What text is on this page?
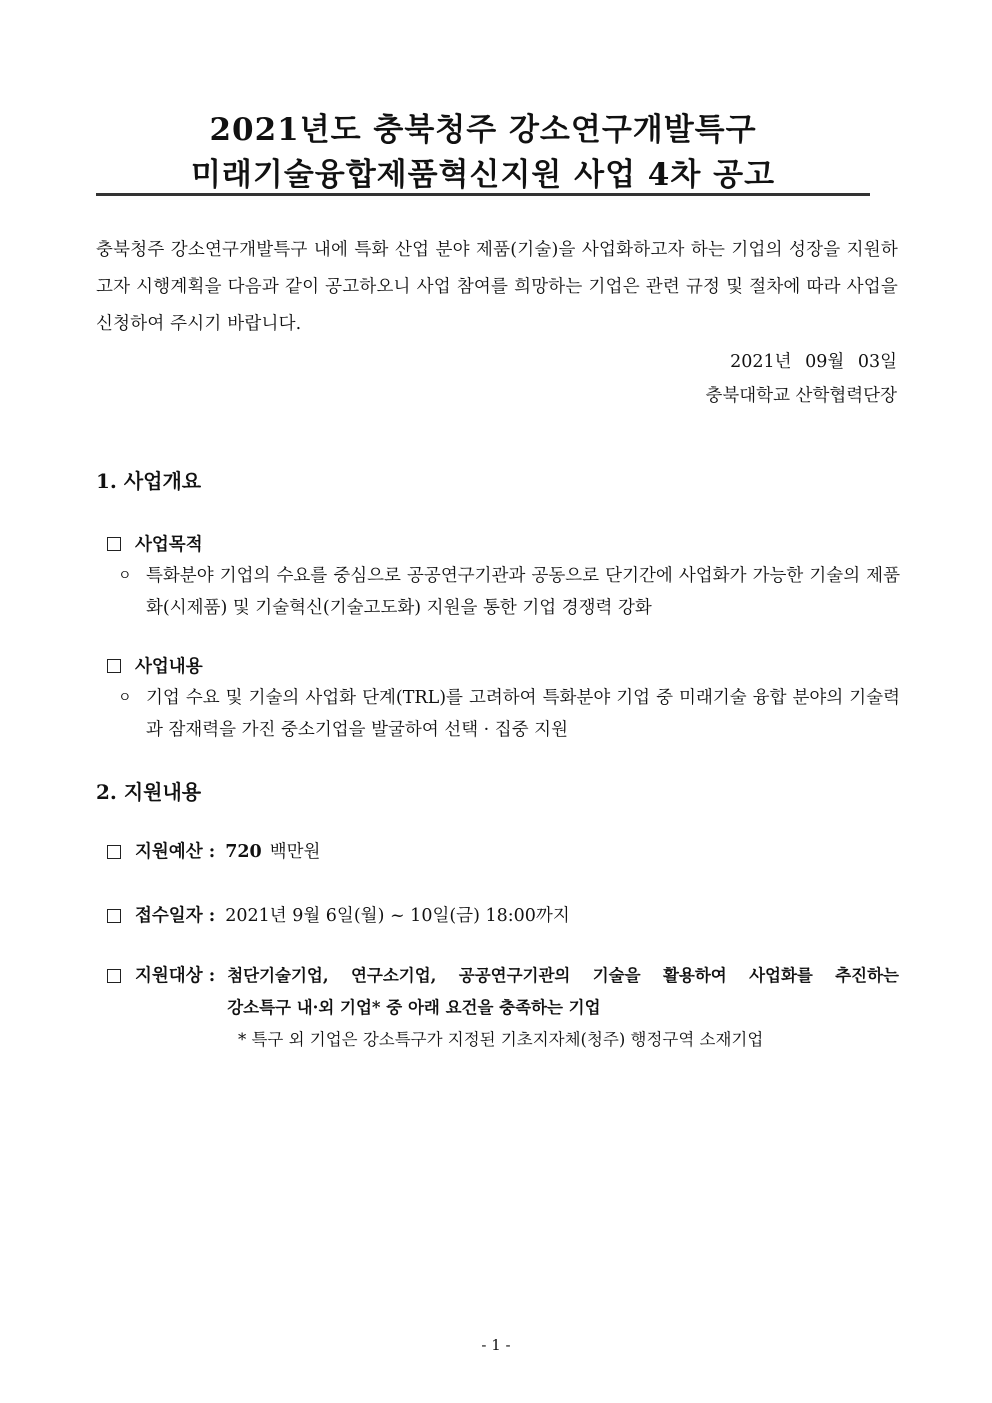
2021년도 충북청주 강소연구개발특구
미래기술융합제품혁신지원 사업 4차 공고
충북청주 강소연구개발특구 내에 특화 산업 분야 제품(기술)을 사업화하고자 하는 기업의 성장을 지원하고자 시행계획을 다음과 같이 공고하오니 사업 참여를 희망하는 기업은 관련 규정 및 절차에 따라 사업을 신청하여 주시기 바랍니다.
2021년 09월 03일
충북대학교 산학협력단장
1. 사업개요
사업목적
ㅇ 특화분야 기업의 수요를 중심으로 공공연구기관과 공동으로 단기간에 사업화가 가능한 기술의 제품화(시제품) 및 기술혁신(기술고도화) 지원을 통한 기업 경쟁력 강화
사업내용
ㅇ 기업 수요 및 기술의 사업화 단계(TRL)를 고려하여 특화분야 기업 중 미래기술 융합 분야의 기술력과 잠재력을 가진 중소기업을 발굴하여 선택 · 집중 지원
2. 지원내용
지원예산 : 720 백만원
접수일자 : 2021년 9월 6일(월) ~ 10일(금) 18:00까지
지원대상 : 첨단기술기업, 연구소기업, 공공연구기관의 기술을 활용하여 사업화를 추진하는
강소특구 내·외 기업* 중 아래 요건을 충족하는 기업
* 특구 외 기업은 강소특구가 지정된 기초지자체(청주) 행정구역 소재기업
- 1 -
